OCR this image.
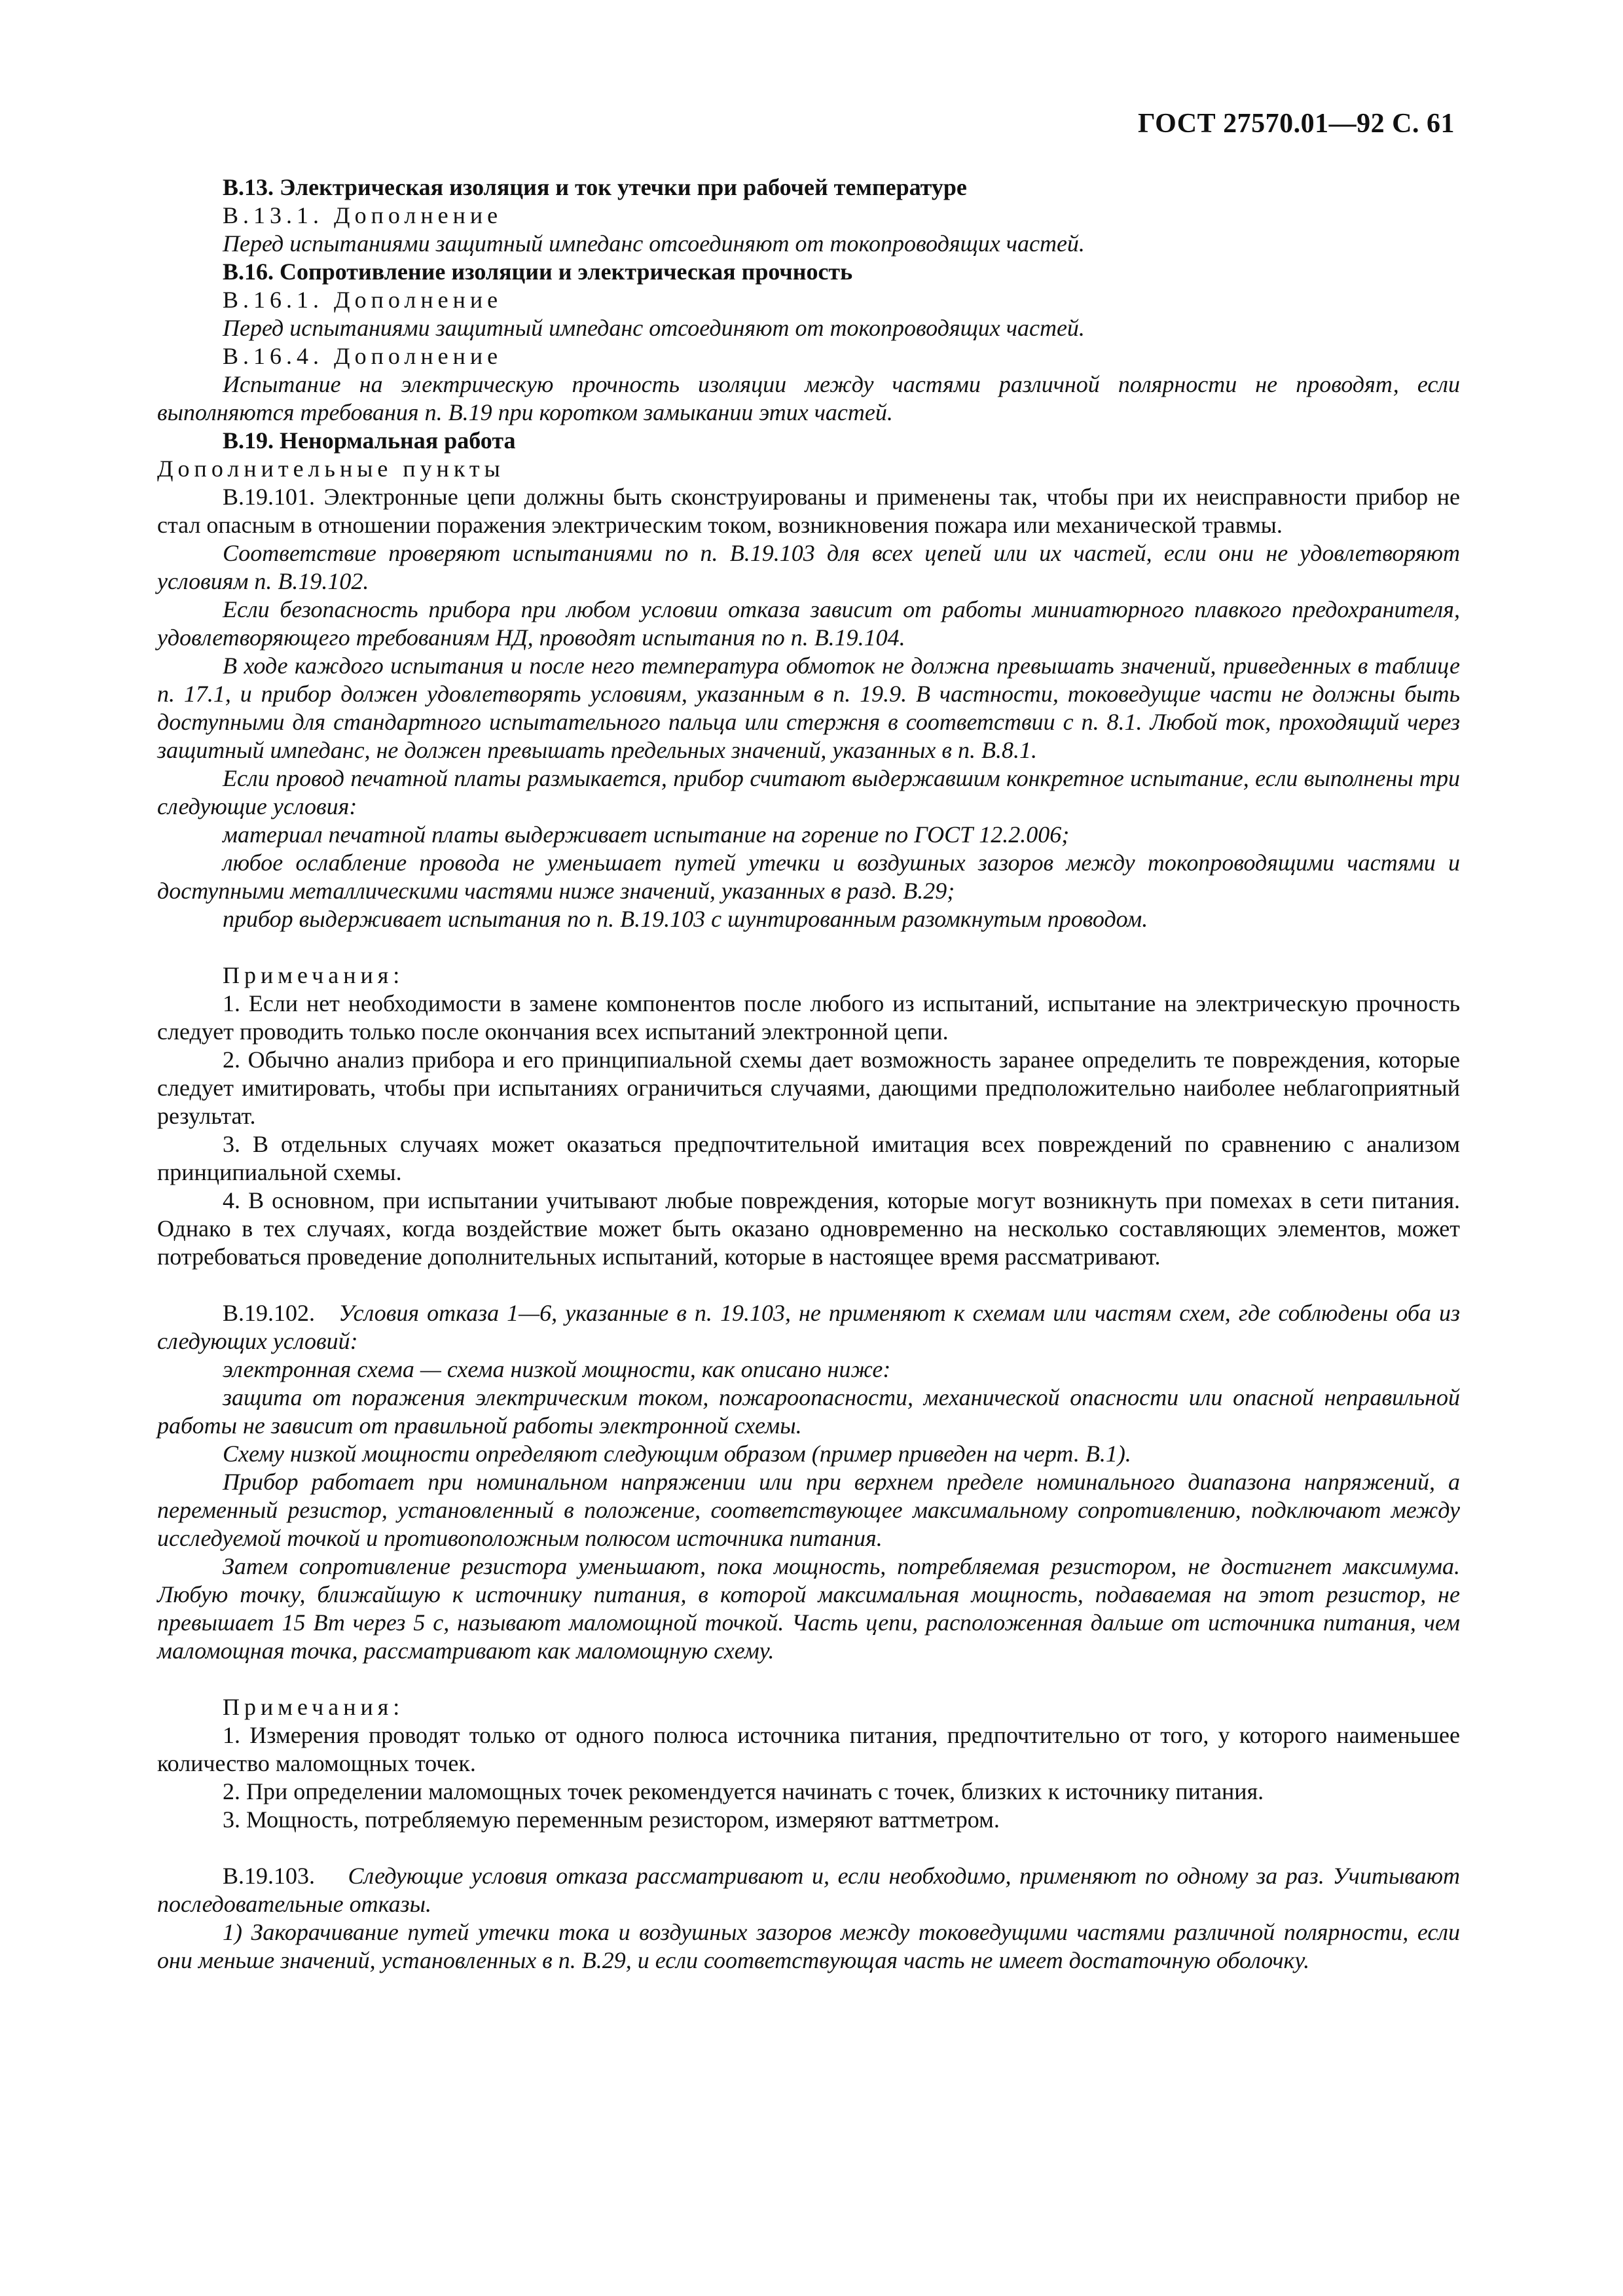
ГОСТ 27570.01—92 С. 61

B.13. Электрическая изоляция и ток утечки при рабочей температуре

B.13.1. Дополнение

Перед испытаниями защитный импеданс отсоединяют от токопроводящих частей.

B.16. Сопротивление изоляции и электрическая прочность

B.16.1. Дополнение

Перед испытаниями защитный импеданс отсоединяют от токопроводящих частей.

B.16.4. Дополнение

Испытание на электрическую прочность изоляции между частями различной полярности не проводят, если выполняются требования п. B.19 при коротком замыкании этих частей.

B.19. Ненормальная работа

Дополнительные пункты

B.19.101. Электронные цепи должны быть сконструированы и применены так, чтобы при их неисправности прибор не стал опасным в отношении поражения электрическим током, возникновения пожара или механической травмы.

Соответствие проверяют испытаниями по п. B.19.103 для всех цепей или их частей, если они не удовлетворяют условиям п. B.19.102.

Если безопасность прибора при любом условии отказа зависит от работы миниатюрного плавкого предохранителя, удовлетворяющего требованиям НД, проводят испытания по п. B.19.104.

В ходе каждого испытания и после него температура обмоток не должна превышать значений, приведенных в таблице п. 17.1, и прибор должен удовлетворять условиям, указанным в п. 19.9. В частности, токоведущие части не должны быть доступными для стандартного испытательного пальца или стержня в соответствии с п. 8.1. Любой ток, проходящий через защитный импеданс, не должен превышать предельных значений, указанных в п. B.8.1.

Если провод печатной платы размыкается, прибор считают выдержавшим конкретное испытание, если выполнены три следующие условия:

материал печатной платы выдерживает испытание на горение по ГОСТ 12.2.006;

любое ослабление провода не уменьшает путей утечки и воздушных зазоров между токопроводящими частями и доступными металлическими частями ниже значений, указанных в разд. B.29;

прибор выдерживает испытания по п. B.19.103 с шунтированным разомкнутым проводом.

Примечания:

1. Если нет необходимости в замене компонентов после любого из испытаний, испытание на электрическую прочность следует проводить только после окончания всех испытаний электронной цепи.

2. Обычно анализ прибора и его принципиальной схемы дает возможность заранее определить те повреждения, которые следует имитировать, чтобы при испытаниях ограничиться случаями, дающими предположительно наиболее неблагоприятный результат.

3. В отдельных случаях может оказаться предпочтительной имитация всех повреждений по сравнению с анализом принципиальной схемы.

4. В основном, при испытании учитывают любые повреждения, которые могут возникнуть при помехах в сети питания. Однако в тех случаях, когда воздействие может быть оказано одновременно на несколько составляющих элементов, может потребоваться проведение дополнительных испытаний, которые в настоящее время рассматривают.

B.19.102. Условия отказа 1—6, указанные в п. 19.103, не применяют к схемам или частям схем, где соблюдены оба из следующих условий:

электронная схема — схема низкой мощности, как описано ниже:

защита от поражения электрическим током, пожароопасности, механической опасности или опасной неправильной работы не зависит от правильной работы электронной схемы.

Схему низкой мощности определяют следующим образом (пример приведен на черт. B.1).

Прибор работает при номинальном напряжении или при верхнем пределе номинального диапазона напряжений, а переменный резистор, установленный в положение, соответствующее максимальному сопротивлению, подключают между исследуемой точкой и противоположным полюсом источника питания.

Затем сопротивление резистора уменьшают, пока мощность, потребляемая резистором, не достигнет максимума. Любую точку, ближайшую к источнику питания, в которой максимальная мощность, подаваемая на этот резистор, не превышает 15 Вт через 5 с, называют маломощной точкой. Часть цепи, расположенная дальше от источника питания, чем маломощная точка, рассматривают как маломощную схему.

Примечания:

1. Измерения проводят только от одного полюса источника питания, предпочтительно от того, у которого наименьшее количество маломощных точек.

2. При определении маломощных точек рекомендуется начинать с точек, близких к источнику питания.

3. Мощность, потребляемую переменным резистором, измеряют ваттметром.

B.19.103. Следующие условия отказа рассматривают и, если необходимо, применяют по одному за раз. Учитывают последовательные отказы.

1) Закорачивание путей утечки тока и воздушных зазоров между токоведущими частями различной полярности, если они меньше значений, установленных в п. B.29, и если соответствующая часть не имеет достаточную оболочку.
